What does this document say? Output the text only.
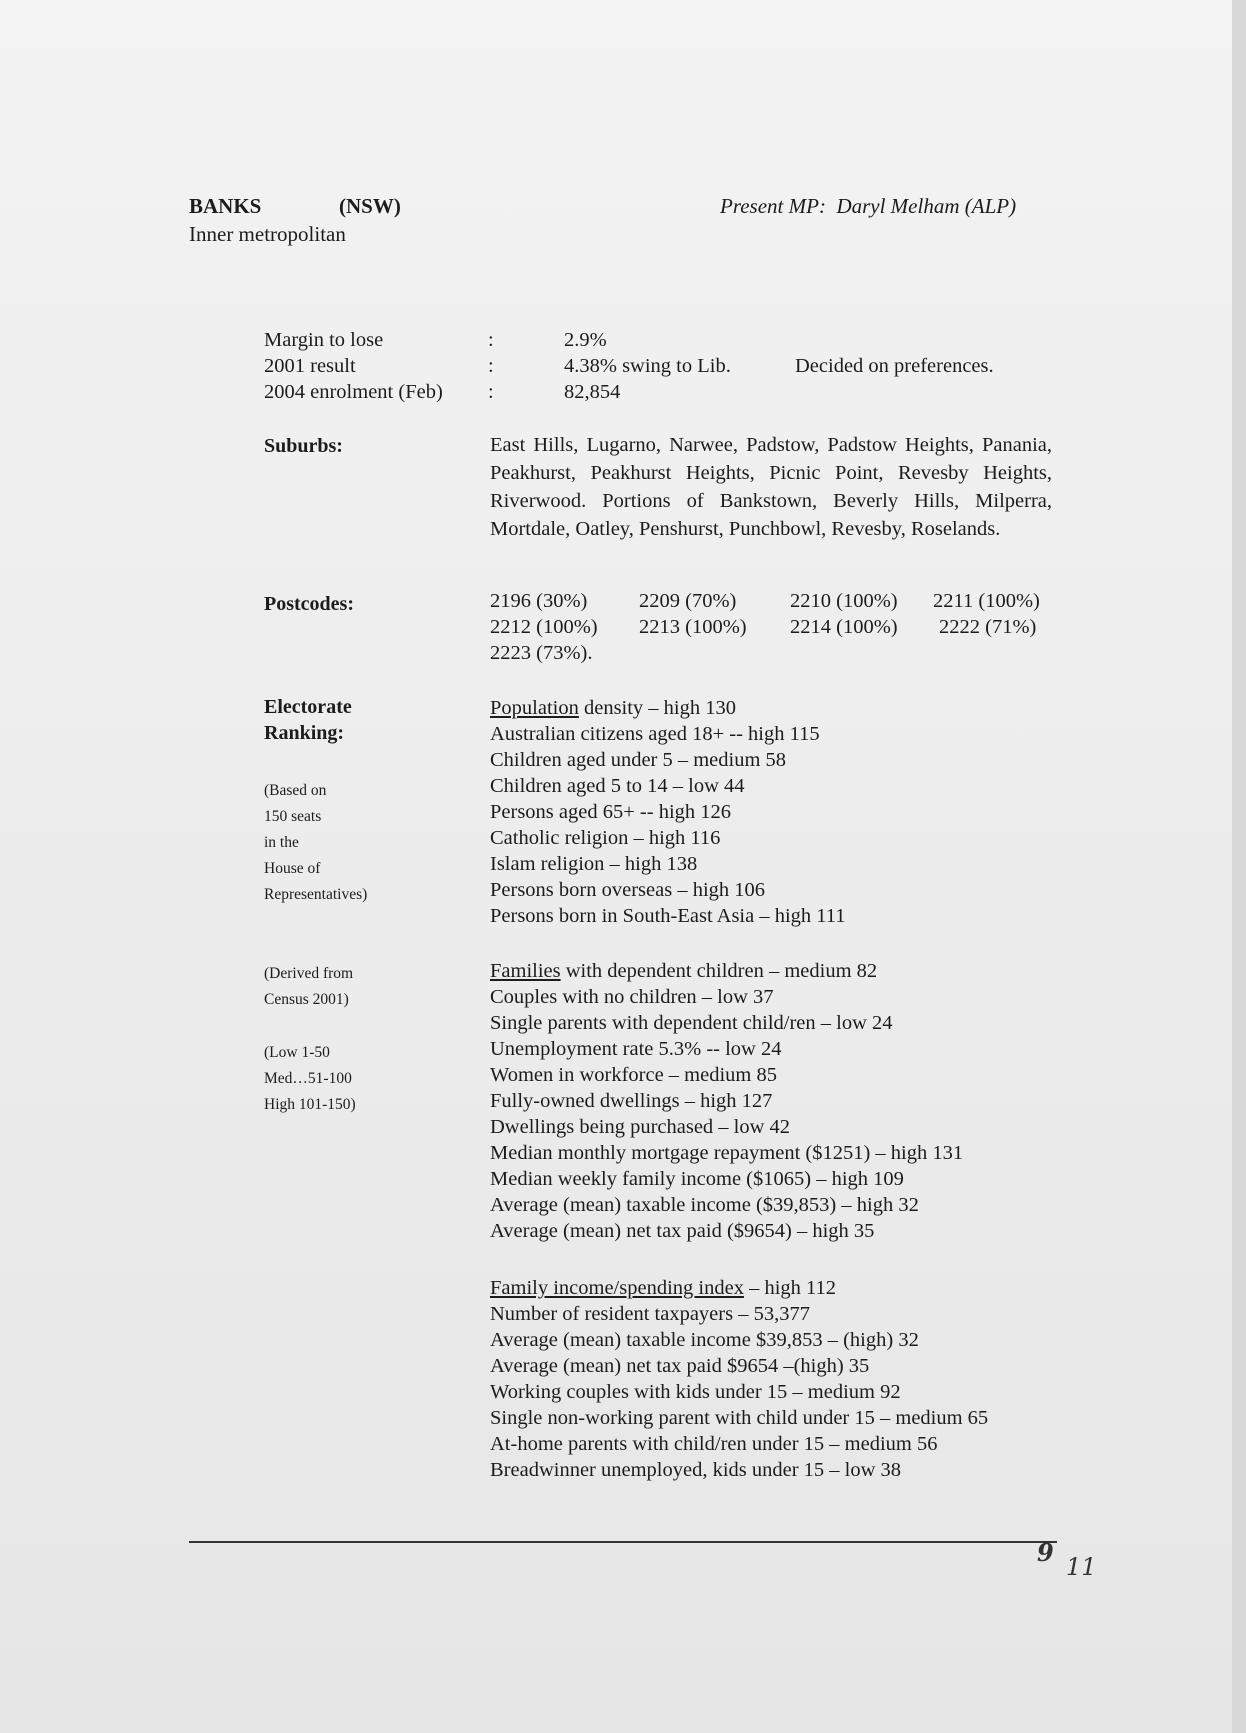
BANKS	(NSW)
Inner metropolitan
Present MP: Daryl Melham (ALP)
Margin to lose	:	2.9%
2001 result	:	4.38% swing to Lib.	Decided on preferences.
2004 enrolment (Feb) :	82,854
Suburbs:	East Hills, Lugarno, Narwee, Padstow, Padstow Heights, Panania, Peakhurst, Peakhurst Heights, Picnic Point, Revesby Heights, Riverwood. Portions of Bankstown, Beverly Hills, Milperra, Mortdale, Oatley, Penshurst, Punchbowl, Revesby, Roselands.
Postcodes:	2196 (30%)	2209 (70%)	2210 (100%) 2211 (100%)
2212 (100%) 2213 (100%) 2214 (100%) 2222 (71%)
2223 (73%).
Electorate
Ranking:
(Based on
150 seats
in the
House of
Representatives)
(Derived from
Census 2001)
(Low 1-50
Med…51-100
High 101-150)
Population density – high 130
Australian citizens aged 18+ -- high 115
Children aged under 5 – medium 58
Children aged 5 to 14 – low 44
Persons aged 65+ -- high 126
Catholic religion – high 116
Islam religion – high 138
Persons born overseas – high 106
Persons born in South-East Asia – high 111
Families with dependent children – medium 82
Couples with no children – low 37
Single parents with dependent child/ren – low 24
Unemployment rate 5.3% -- low 24
Women in workforce – medium 85
Fully-owned dwellings – high 127
Dwellings being purchased – low 42
Median monthly mortgage repayment ($1251) – high 131
Median weekly family income ($1065) – high 109
Average (mean) taxable income ($39,853) – high 32
Average (mean) net tax paid ($9654) – high 35
Family income/spending index – high 112
Number of resident taxpayers – 53,377
Average (mean) taxable income $39,853 – (high) 32
Average (mean) net tax paid $9654 –(high) 35
Working couples with kids under 15 – medium 92
Single non-working parent with child under 15 – medium 65
At-home parents with child/ren under 15 – medium 56
Breadwinner unemployed, kids under 15 – low 38
9 11
